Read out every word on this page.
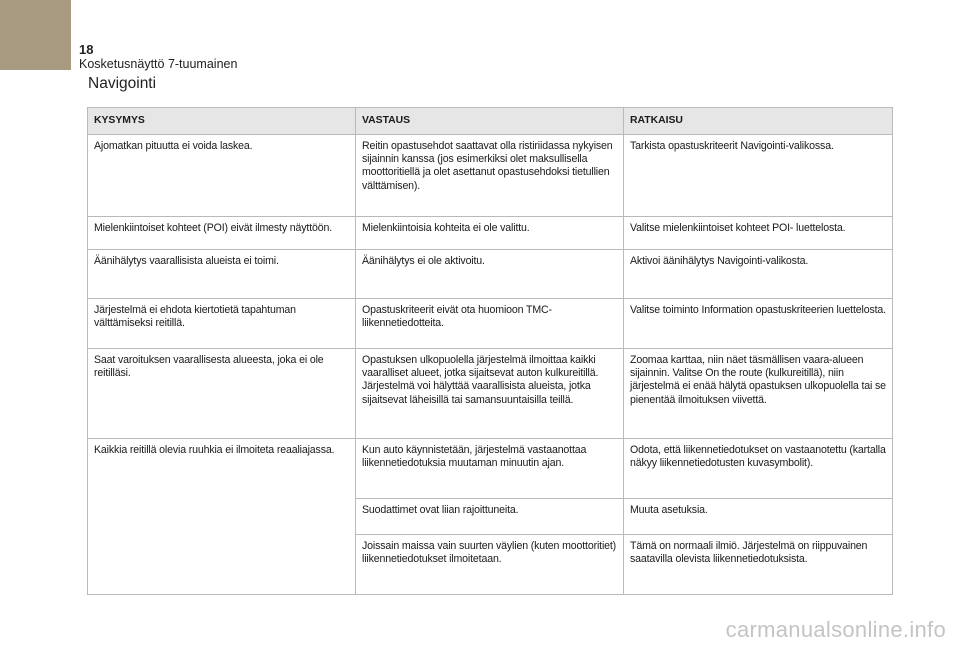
18
Kosketusnäyttö 7-tuumainen
Navigointi
KYSYMYS	VASTAUS	RATKAISU
Ajomatkan pituutta ei voida laskea.	Reitin opastusehdot saattavat olla ristiriidassa nykyisen sijainnin kanssa (jos esimerkiksi olet maksullisella moottoritiellä ja olet asettanut opastusehdoksi tietullien välttämisen).	Tarkista opastuskriteerit Navigointi-valikossa.
Mielenkiintoiset kohteet (POI) eivät ilmesty näyttöön.	Mielenkiintoisia kohteita ei ole valittu.	Valitse mielenkiintoiset kohteet POI- luettelosta.
Äänihälytys vaarallisista alueista ei toimi.	Äänihälytys ei ole aktivoitu.	Aktivoi äänihälytys Navigointi-valikosta.
Järjestelmä ei ehdota kiertotietä tapahtuman välttämiseksi reitillä.	Opastuskriteerit eivät ota huomioon TMC-liikennetiedotteita.	Valitse toiminto Information opastuskriteerien luettelosta.
Saat varoituksen vaarallisesta alueesta, joka ei ole reitilläsi.	Opastuksen ulkopuolella järjestelmä ilmoittaa kaikki vaaralliset alueet, jotka sijaitsevat auton kulkureitillä. Järjestelmä voi hälyttää vaarallisista alueista, jotka sijaitsevat läheisillä tai samansuuntaisilla teillä.	Zoomaa karttaa, niin näet täsmällisen vaara-alueen sijainnin. Valitse On the route (kulkureitillä), niin järjestelmä ei enää hälytä opastuksen ulkopuolella tai se pienentää ilmoituksen viivettä.
Kaikkia reitillä olevia ruuhkia ei ilmoiteta reaaliajassa.	Kun auto käynnistetään, järjestelmä vastaanottaa liikennetiedotuksia muutaman minuutin ajan.	Odota, että liikennetiedotukset on vastaanotettu (kartalla näkyy liikennetiedotusten kuvasymbolit).
	Suodattimet ovat liian rajoittuneita.	Muuta asetuksia.
	Joissain maissa vain suurten väylien (kuten moottoritiet) liikennetiedotukset ilmoitetaan.	Tämä on normaali ilmiö. Järjestelmä on riippuvainen saatavilla olevista liikennetiedotuksista.
carmanualsonline.info
